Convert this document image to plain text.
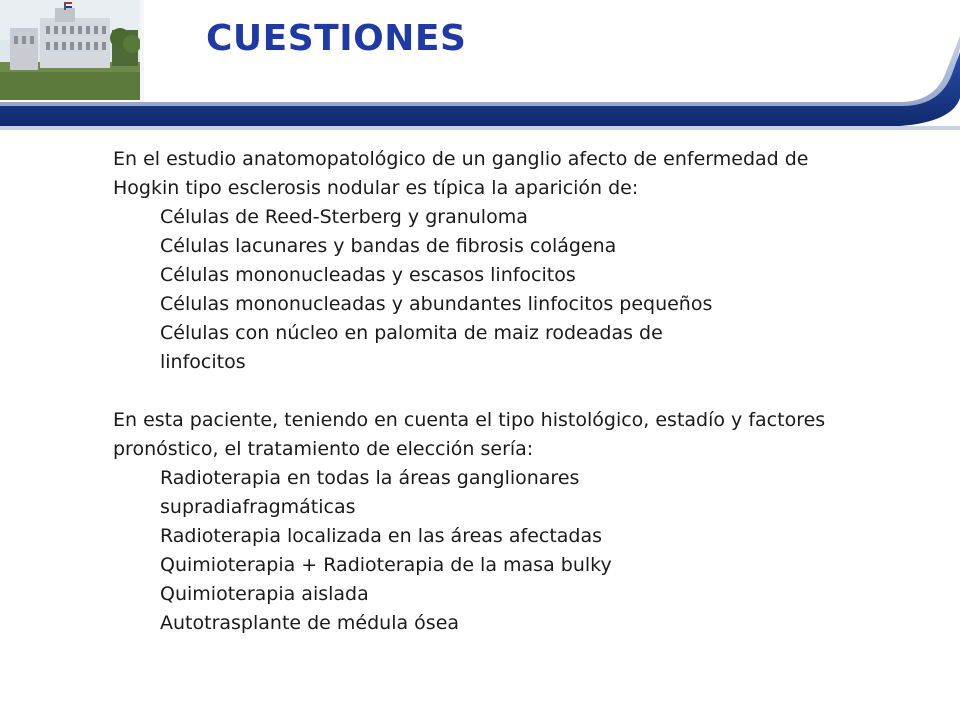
CUESTIONES

En el estudio anatomopatológico de un ganglio afecto de enfermedad de Hogkin tipo esclerosis nodular es típica la aparición de:

Células de Reed-Sterberg y granuloma
Células lacunares y bandas de fibrosis colágena
Células mononucleadas y escasos linfocitos
Células mononucleadas y abundantes linfocitos pequeños
Células con núcleo en palomita de maiz rodeadas de linfocitos

En esta paciente, teniendo en cuenta el tipo histológico, estadío y factores pronóstico, el tratamiento de elección sería:

Radioterapia en todas la áreas ganglionares supradiafragmáticas
Radioterapia localizada en las áreas afectadas
Quimioterapia + Radioterapia de la masa bulky
Quimioterapia aislada
Autotrasplante de médula ósea
